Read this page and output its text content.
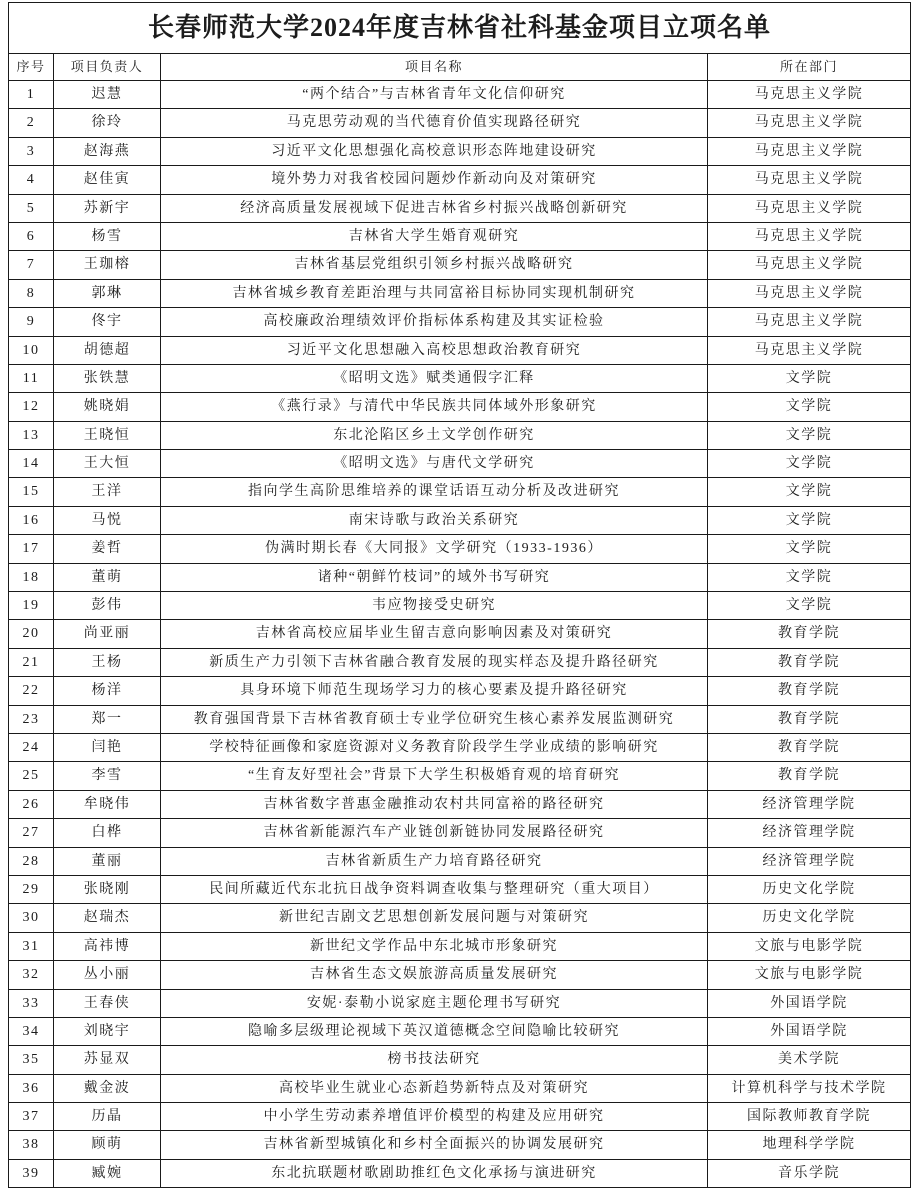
长春师范大学2024年度吉林省社科基金项目立项名单			
序号	项目负责人	项目名称	所在部门
1	迟慧	“两个结合”与吉林省青年文化信仰研究	马克思主义学院
2	徐玲	马克思劳动观的当代德育价值实现路径研究	马克思主义学院
3	赵海燕	习近平文化思想强化高校意识形态阵地建设研究	马克思主义学院
4	赵佳寅	境外势力对我省校园问题炒作新动向及对策研究	马克思主义学院
5	苏新宇	经济高质量发展视域下促进吉林省乡村振兴战略创新研究	马克思主义学院
6	杨雪	吉林省大学生婚育观研究	马克思主义学院
7	王珈榕	吉林省基层党组织引领乡村振兴战略研究	马克思主义学院
8	郭琳	吉林省城乡教育差距治理与共同富裕目标协同实现机制研究	马克思主义学院
9	佟宇	高校廉政治理绩效评价指标体系构建及其实证检验	马克思主义学院
10	胡德超	习近平文化思想融入高校思想政治教育研究	马克思主义学院
11	张铁慧	《昭明文选》赋类通假字汇释	文学院
12	姚晓娟	《燕行录》与清代中华民族共同体域外形象研究	文学院
13	王晓恒	东北沦陷区乡土文学创作研究	文学院
14	王大恒	《昭明文选》与唐代文学研究	文学院
15	王洋	指向学生高阶思维培养的课堂话语互动分析及改进研究	文学院
16	马悦	南宋诗歌与政治关系研究	文学院
17	姜哲	伪满时期长春《大同报》文学研究（1933-1936）	文学院
18	董萌	诸种“朝鲜竹枝词”的域外书写研究	文学院
19	彭伟	韦应物接受史研究	文学院
20	尚亚丽	吉林省高校应届毕业生留吉意向影响因素及对策研究	教育学院
21	王杨	新质生产力引领下吉林省融合教育发展的现实样态及提升路径研究	教育学院
22	杨洋	具身环境下师范生现场学习力的核心要素及提升路径研究	教育学院
23	郑一	教育强国背景下吉林省教育硕士专业学位研究生核心素养发展监测研究	教育学院
24	闫艳	学校特征画像和家庭资源对义务教育阶段学生学业成绩的影响研究	教育学院
25	李雪	“生育友好型社会”背景下大学生积极婚育观的培育研究	教育学院
26	牟晓伟	吉林省数字普惠金融推动农村共同富裕的路径研究	经济管理学院
27	白桦	吉林省新能源汽车产业链创新链协同发展路径研究	经济管理学院
28	董丽	吉林省新质生产力培育路径研究	经济管理学院
29	张晓刚	民间所藏近代东北抗日战争资料调查收集与整理研究（重大项目）	历史文化学院
30	赵瑞杰	新世纪吉剧文艺思想创新发展问题与对策研究	历史文化学院
31	高祎博	新世纪文学作品中东北城市形象研究	文旅与电影学院
32	丛小丽	吉林省生态文娱旅游高质量发展研究	文旅与电影学院
33	王春侠	安妮·泰勒小说家庭主题伦理书写研究	外国语学院
34	刘晓宇	隐喻多层级理论视域下英汉道德概念空间隐喻比较研究	外国语学院
35	苏显双	榜书技法研究	美术学院
36	戴金波	高校毕业生就业心态新趋势新特点及对策研究	计算机科学与技术学院
37	历晶	中小学生劳动素养增值评价模型的构建及应用研究	国际教师教育学院
38	顾萌	吉林省新型城镇化和乡村全面振兴的协调发展研究	地理科学学院
39	臧婉	东北抗联题材歌剧助推红色文化承扬与演进研究	音乐学院
